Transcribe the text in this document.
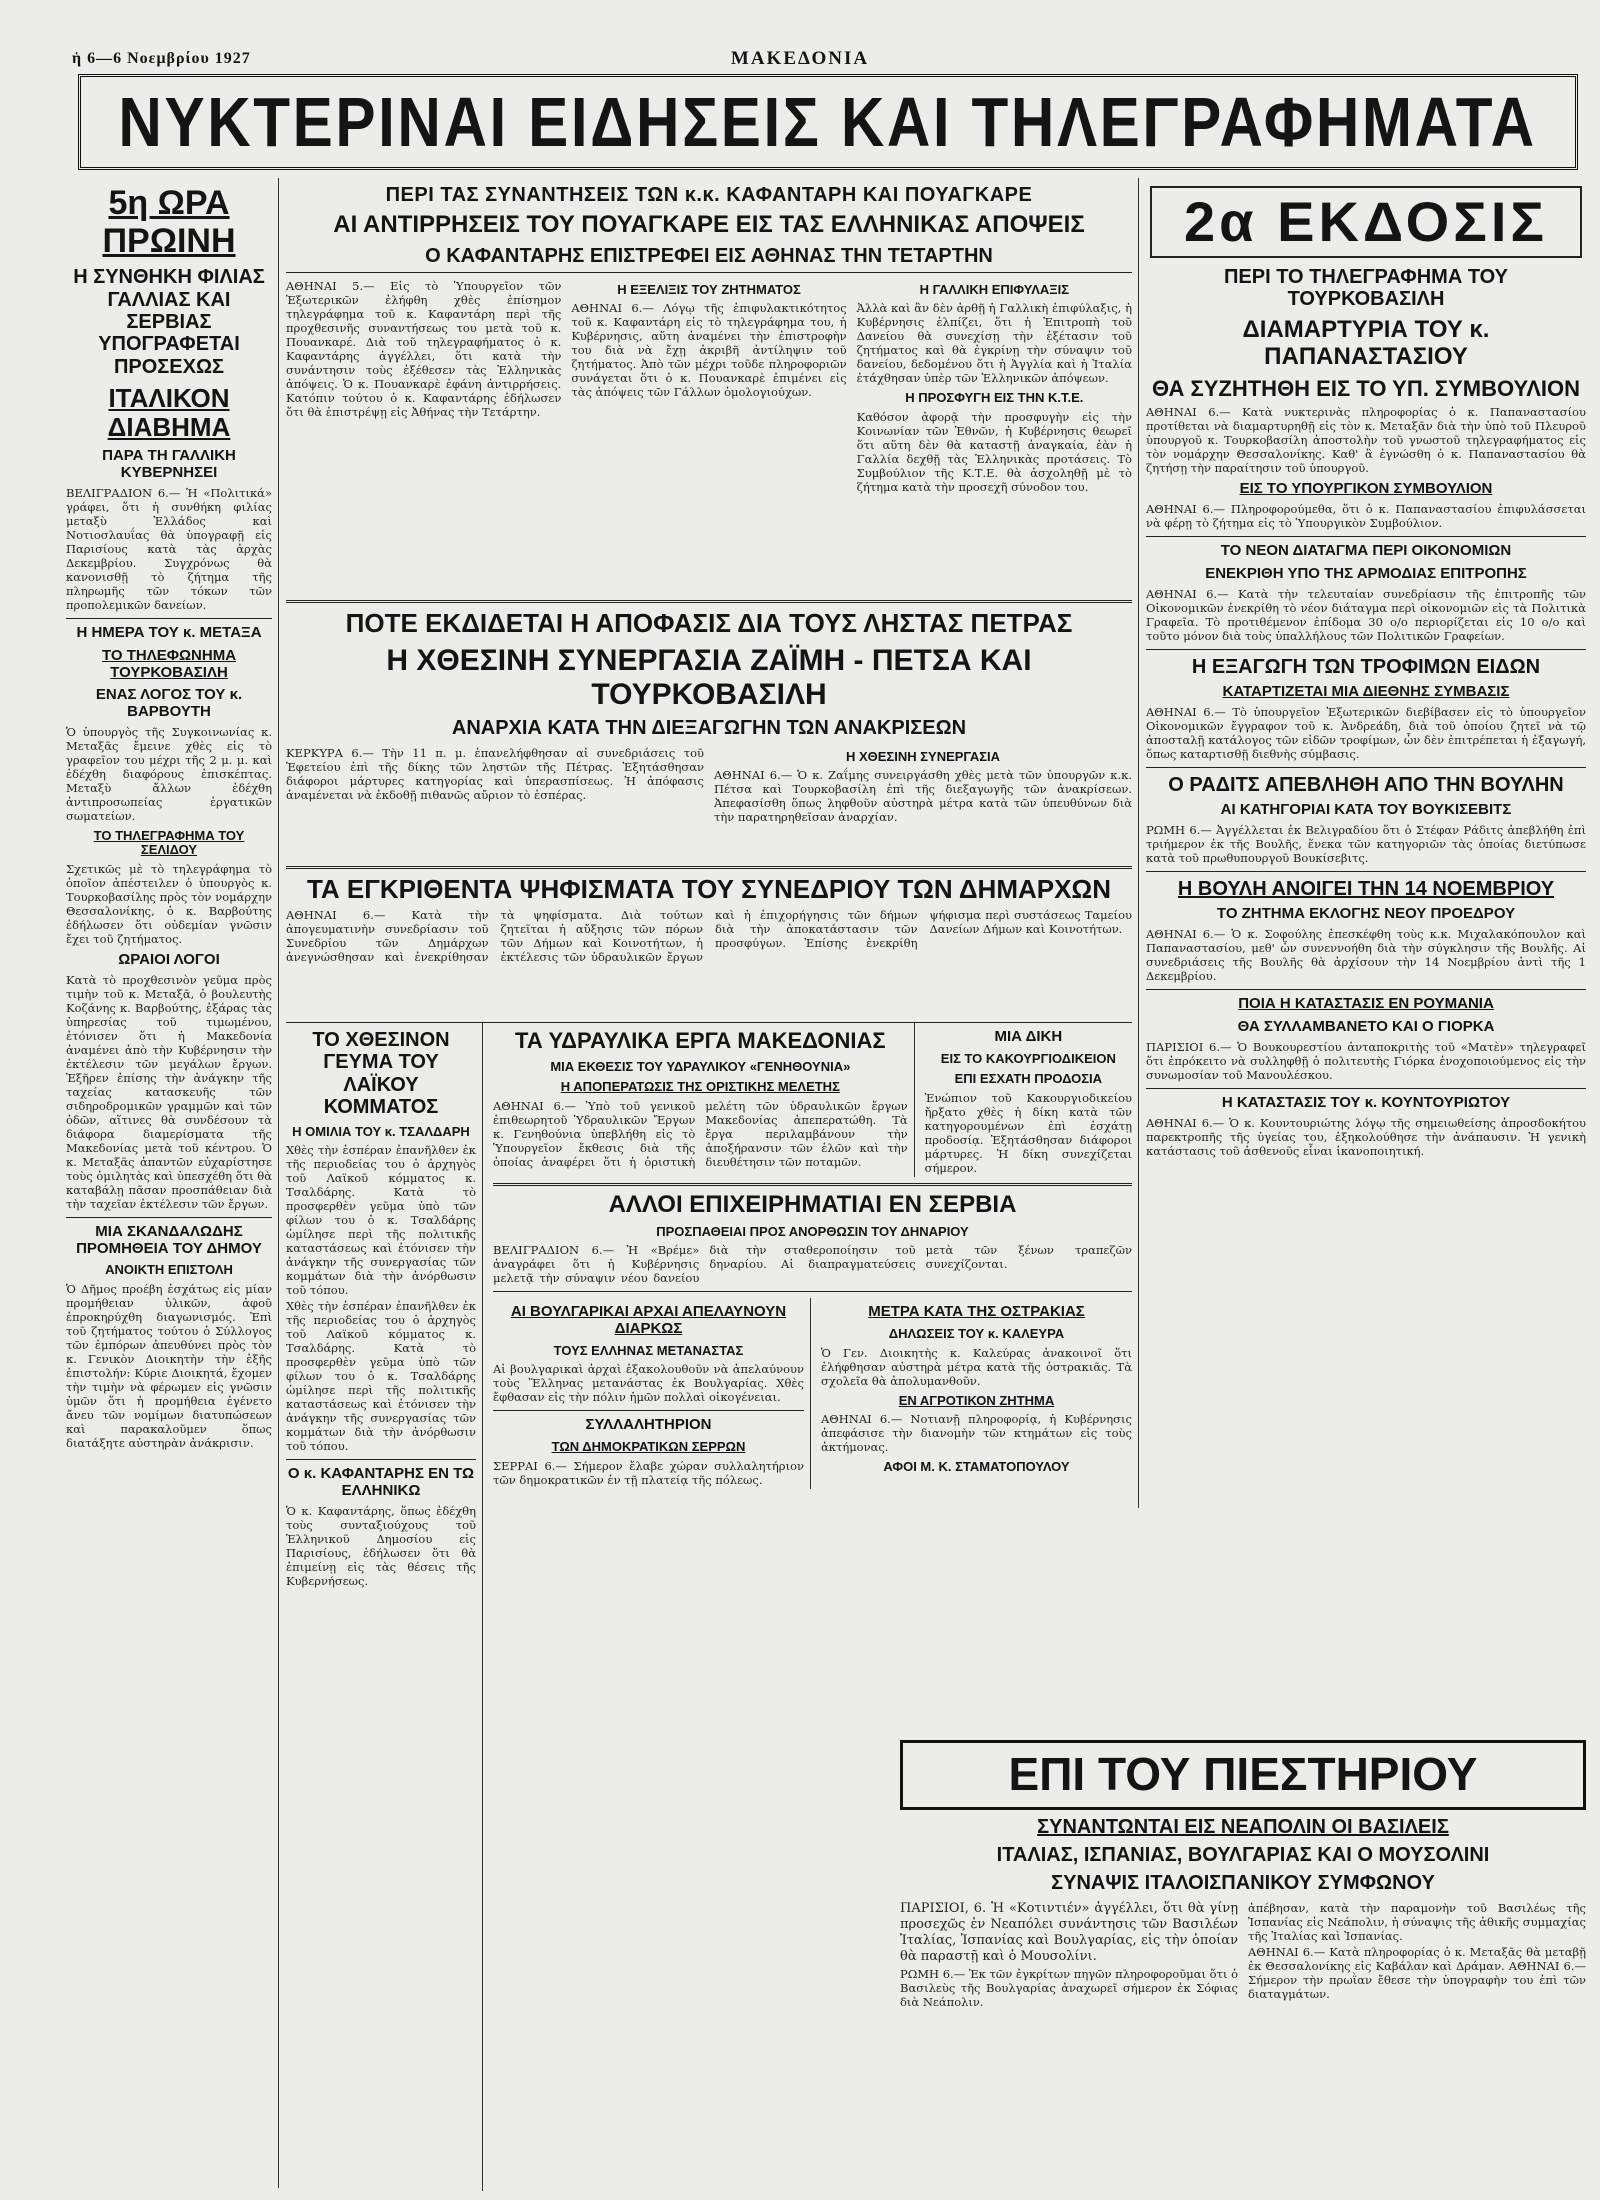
ἡ 6—6 Νοεμβρίου 1927	ΜΑΚΕΔΟΝΙΑ
ΝΥΚΤΕΡΙΝΑΙ ΕΙΔΗΣΕΙΣ ΚΑΙ ΤΗΛΕΓΡΑΦΗΜΑΤΑ
5η ΩΡΑ ΠΡΩΙΝΗ
Η ΣΥΝΘΗΚΗ ΦΙΛΙΑΣ ΓΑΛΛΙΑΣ ΚΑΙ ΣΕΡΒΙΑΣ ΥΠΟΓΡΑΦΕΤΑΙ ΠΡΟΣΕΧΩΣ
ΙΤΑΛΙΚΟΝ ΔΙΑΒΗΜΑ
ΠΑΡΑ ΤΗ ΓΑΛΛΙΚΗ ΚΥΒΕΡΝΗΣΕΙ
ΒΕΛΙΓΡΑΔΙΟΝ 6.— Ἡ «Πολιτικά» γράφει, ὅτι ἡ συνθήκη φιλίας μεταξὺ Ἑλλάδος καὶ Νοτιοσλαυΐας θὰ ὑπογραφῇ εἰς Παρισίους κατὰ τὰς ἀρχὰς Δεκεμβρίου. Συγχρόνως θὰ κανονισθῇ τὸ ζήτημα τῆς πληρωμῆς τῶν τόκων τῶν προπολεμικῶν δανείων.
Η ΗΜΕΡΑ ΤΟΥ κ. ΜΕΤΑΞΑ
ΤΟ ΤΗΛΕΦΩΝΗΜΑ ΤΟΥΡΚΟΒΑΣΙΛΗ
ΕΝΑΣ ΛΟΓΟΣ ΤΟΥ κ. ΒΑΡΒΟΥΤΗ
Ὁ ὑπουργὸς τῆς Συγκοινωνίας κ. Μεταξᾶς ἔμεινε χθὲς εἰς τὸ γραφεῖον του μέχρι τῆς 2 μ. μ. καὶ ἐδέχθη διαφόρους ἐπισκέπτας. Μεταξὺ ἄλλων ἐδέχθη ἀντιπροσωπείας ἐργατικῶν σωματείων.
ΤΟ ΤΗΛΕΓΡΑΦΗΜΑ ΤΟΥ ΣΕΛΙΔΟΥ
Σχετικῶς μὲ τὸ τηλεγράφημα τὸ ὁποῖον ἀπέστειλεν ὁ ὑπουργὸς κ. Τουρκοβασίλης πρὸς τὸν νομάρχην Θεσσαλονίκης, ὁ κ. Βαρβούτης ἐδήλωσεν ὅτι οὐδεμίαν γνῶσιν ἔχει τοῦ ζητήματος.
ΩΡΑΙΟΙ ΛΟΓΟΙ
Κατὰ τὸ προχθεσινὸν γεῦμα πρὸς τιμὴν τοῦ κ. Μεταξᾶ, ὁ βουλευτὴς Κοζάνης κ. Βαρβούτης, ἐξάρας τὰς ὑπηρεσίας τοῦ τιμωμένου, ἐτόνισεν ὅτι ἡ Μακεδονία ἀναμένει ἀπὸ τὴν Κυβέρνησιν τὴν ἐκτέλεσιν τῶν μεγάλων ἔργων. Ἐξῆρεν ἐπίσης τὴν ἀνάγκην τῆς ταχείας κατασκευῆς τῶν σιδηροδρομικῶν γραμμῶν καὶ τῶν ὁδῶν, αἵτινες θὰ συνδέσουν τὰ διάφορα διαμερίσματα τῆς Μακεδονίας μετὰ τοῦ κέντρου. Ὁ κ. Μεταξᾶς ἀπαντῶν εὐχαρίστησε τοὺς ὁμιλητὰς καὶ ὑπεσχέθη ὅτι θὰ καταβάλῃ πᾶσαν προσπάθειαν διὰ τὴν ταχεῖαν ἐκτέλεσιν τῶν ἔργων.
ΜΙΑ ΣΚΑΝΔΑΛΩΔΗΣ ΠΡΟΜΗΘΕΙΑ ΤΟΥ ΔΗΜΟΥ
ΑΝΟΙΚΤΗ ΕΠΙΣΤΟΛΗ
Ὁ Δῆμος προέβη ἐσχάτως εἰς μίαν προμήθειαν ὑλικῶν, ἀφοῦ ἐπροκηρύχθη διαγωνισμός. Ἐπὶ τοῦ ζητήματος τούτου ὁ Σύλλογος τῶν ἐμπόρων ἀπευθύνει πρὸς τὸν κ. Γενικὸν Διοικητὴν τὴν ἑξῆς ἐπιστολήν: Κύριε Διοικητά, ἔχομεν τὴν τιμὴν νὰ φέρωμεν εἰς γνῶσιν ὑμῶν ὅτι ἡ προμήθεια ἐγένετο ἄνευ τῶν νομίμων διατυπώσεων καὶ παρακαλοῦμεν ὅπως διατάξητε αὐστηρὰν ἀνάκρισιν.
ΠΕΡΙ ΤΑΣ ΣΥΝΑΝΤΗΣΕΙΣ ΤΩΝ κ.κ. ΚΑΦΑΝΤΑΡΗ ΚΑΙ ΠΟΥΑΓΚΑΡΕ
ΑΙ ΑΝΤΙΡΡΗΣΕΙΣ ΤΟΥ ΠΟΥΑΓΚΑΡΕ ΕΙΣ ΤΑΣ ΕΛΛΗΝΙΚΑΣ ΑΠΟΨΕΙΣ
Ο ΚΑΦΑΝΤΑΡΗΣ ΕΠΙΣΤΡΕΦΕΙ ΕΙΣ ΑΘΗΝΑΣ ΤΗΝ ΤΕΤΑΡΤΗΝ
ΑΘΗΝΑΙ 5.— Εἰς τὸ Ὑπουργεῖον τῶν Ἐξωτερικῶν ἐλήφθη χθὲς ἐπίσημον τηλεγράφημα τοῦ κ. Καφαντάρη περὶ τῆς προχθεσινῆς συναντήσεως του μετὰ τοῦ κ. Πουανκαρέ. Διὰ τοῦ τηλεγραφήματος ὁ κ. Καφαντάρης ἀγγέλλει, ὅτι κατὰ τὴν συνάντησιν τοὺς ἐξέθεσεν τὰς Ἑλληνικὰς ἀπόψεις. Ὁ κ. Πουανκαρὲ ἐφάνη ἀντιρρήσεις. Κατόπιν τούτου ὁ κ. Καφαντάρης ἐδήλωσεν ὅτι θὰ ἐπιστρέψῃ εἰς Ἀθήνας τὴν Τετάρτην.
Η ΕΞΕΛΙΞΙΣ ΤΟΥ ΖΗΤΗΜΑΤΟΣ
ΑΘΗΝΑΙ 6.— Λόγῳ τῆς ἐπιφυλακτικότητος τοῦ κ. Καφαντάρη εἰς τὸ τηλεγράφημα του, ἡ Κυβέρνησις, αὕτη ἀναμένει τὴν ἐπιστροφὴν του διὰ νὰ ἔχῃ ἀκριβῆ ἀντίληψιν τοῦ ζητήματος. Ἀπὸ τῶν μέχρι τοῦδε πληροφοριῶν συνάγεται ὅτι ὁ κ. Πουανκαρὲ ἐπιμένει εἰς τὰς ἀπόψεις τῶν Γάλλων ὁμολογιούχων.
Η ΓΑΛΛΙΚΗ ΕΠΙΦΥΛΑΞΙΣ
Ἀλλὰ καὶ ἂν δὲν ἀρθῇ ἡ Γαλλικὴ ἐπιφύλαξις, ἡ Κυβέρνησις ἐλπίζει, ὅτι ἡ Ἐπιτροπὴ τοῦ Δανείου θὰ συνεχίσῃ τὴν ἐξέτασιν τοῦ ζητήματος καὶ θὰ ἐγκρίνῃ τὴν σύναψιν τοῦ δανείου, δεδομένου ὅτι ἡ Ἀγγλία καὶ ἡ Ἰταλία ἐτάχθησαν ὑπὲρ τῶν Ἑλληνικῶν ἀπόψεων.
Η ΠΡΟΣΦΥΓΗ ΕΙΣ ΤΗΝ Κ.Τ.Ε.
Καθόσον ἀφορᾷ τὴν προσφυγὴν εἰς τὴν Κοινωνίαν τῶν Ἐθνῶν, ἡ Κυβέρνησις θεωρεῖ ὅτι αὕτη δὲν θὰ καταστῇ ἀναγκαία, ἐὰν ἡ Γαλλία δεχθῇ τὰς Ἑλληνικὰς προτάσεις. Τὸ Συμβούλιον τῆς Κ.Τ.Ε. θὰ ἀσχοληθῇ μὲ τὸ ζήτημα κατὰ τὴν προσεχῆ σύνοδον του.
ΠΟΤΕ ΕΚΔΙΔΕΤΑΙ Η ΑΠΟΦΑΣΙΣ ΔΙΑ ΤΟΥΣ ΛΗΣΤΑΣ ΠΕΤΡΑΣ
Η ΧΘΕΣΙΝΗ ΣΥΝΕΡΓΑΣΙΑ ΖΑΪΜΗ - ΠΕΤΣΑ ΚΑΙ ΤΟΥΡΚΟΒΑΣΙΛΗ
ΑΝΑΡΧΙΑ ΚΑΤΑ ΤΗΝ ΔΙΕΞΑΓΩΓΗΝ ΤΩΝ ΑΝΑΚΡΙΣΕΩΝ
ΚΕΡΚΥΡΑ 6.— Τὴν 11 π. μ. ἐπανελήφθησαν αἱ συνεδριάσεις τοῦ Ἐφετείου ἐπὶ τῆς δίκης τῶν ληστῶν τῆς Πέτρας. Ἐξητάσθησαν διάφοροι μάρτυρες κατηγορίας καὶ ὑπερασπίσεως. Ἡ ἀπόφασις ἀναμένεται νὰ ἐκδοθῇ πιθανῶς αὔριον τὸ ἑσπέρας.
Η ΧΘΕΣΙΝΗ ΣΥΝΕΡΓΑΣΙΑ
ΑΘΗΝΑΙ 6.— Ὁ κ. Ζαΐμης συνειργάσθη χθὲς μετὰ τῶν ὑπουργῶν κ.κ. Πέτσα καὶ Τουρκοβασίλη ἐπὶ τῆς διεξαγωγῆς τῶν ἀνακρίσεων. Ἀπεφασίσθη ὅπως ληφθοῦν αὐστηρὰ μέτρα κατὰ τῶν ὑπευθύνων διὰ τὴν παρατηρηθεῖσαν ἀναρχίαν.
ΤΑ ΕΓΚΡΙΘΕΝΤΑ ΨΗΦΙΣΜΑΤΑ ΤΟΥ ΣΥΝΕΔΡΙΟΥ ΤΩΝ ΔΗΜΑΡΧΩΝ
ΑΘΗΝΑΙ 6.— Κατὰ τὴν ἀπογευματινὴν συνεδρίασιν τοῦ Συνεδρίου τῶν Δημάρχων ἀνεγνώσθησαν καὶ ἐνεκρίθησαν τὰ ψηφίσματα. Διὰ τούτων ζητεῖται ἡ αὔξησις τῶν πόρων τῶν Δήμων καὶ Κοινοτήτων, ἡ ἐκτέλεσις τῶν ὑδραυλικῶν ἔργων καὶ ἡ ἐπιχορήγησις τῶν δήμων διὰ τὴν ἀποκατάστασιν τῶν προσφύγων. Ἐπίσης ἐνεκρίθη ψήφισμα περὶ συστάσεως Ταμείου Δανείων Δήμων καὶ Κοινοτήτων.
ΤΟ ΧΘΕΣΙΝΟΝ ΓΕΥΜΑ ΤΟΥ ΛΑΪΚΟΥ ΚΟΜΜΑΤΟΣ
Η ΟΜΙΛΙΑ ΤΟΥ κ. ΤΣΑΛΔΑΡΗ
Χθὲς τὴν ἑσπέραν ἐπανῆλθεν ἐκ τῆς περιοδείας του ὁ ἀρχηγὸς τοῦ Λαϊκοῦ κόμματος κ. Τσαλδάρης. Κατὰ τὸ προσφερθὲν γεῦμα ὑπὸ τῶν φίλων του ὁ κ. Τσαλδάρης ὡμίλησε περὶ τῆς πολιτικῆς καταστάσεως καὶ ἐτόνισεν τὴν ἀνάγκην τῆς συνεργασίας τῶν κομμάτων διὰ τὴν ἀνόρθωσιν τοῦ τόπου.
Χθὲς τὴν ἑσπέραν ἐπανῆλθεν ἐκ τῆς περιοδείας του ὁ ἀρχηγὸς τοῦ Λαϊκοῦ κόμματος κ. Τσαλδάρης. Κατὰ τὸ προσφερθὲν γεῦμα ὑπὸ τῶν φίλων του ὁ κ. Τσαλδάρης ὡμίλησε περὶ τῆς πολιτικῆς καταστάσεως καὶ ἐτόνισεν τὴν ἀνάγκην τῆς συνεργασίας τῶν κομμάτων διὰ τὴν ἀνόρθωσιν τοῦ τόπου.
Ο κ. ΚΑΦΑΝΤΑΡΗΣ ΕΝ ΤΩ ΕΛΛΗΝΙΚΩ
Ὁ κ. Καφαντάρης, ὅπως ἐδέχθη τοὺς συνταξιούχους τοῦ Ἑλληνικοῦ Δημοσίου εἰς Παρισίους, ἐδήλωσεν ὅτι θὰ ἐπιμείνῃ εἰς τὰς θέσεις τῆς Κυβερνήσεως.
ΤΑ ΥΔΡΑΥΛΙΚΑ ΕΡΓΑ ΜΑΚΕΔΟΝΙΑΣ
ΜΙΑ ΕΚΘΕΣΙΣ ΤΟΥ ΥΔΡΑΥΛΙΚΟΥ «ΓΕΝΗΘΟΥΝΙΑ»
Η ΑΠΟΠΕΡΑΤΩΣΙΣ ΤΗΣ ΟΡΙΣΤΙΚΗΣ ΜΕΛΕΤΗΣ
ΑΘΗΝΑΙ 6.— Ὑπὸ τοῦ γενικοῦ ἐπιθεωρητοῦ Ὑδραυλικῶν Ἔργων κ. Γενηθούνια ὑπεβλήθη εἰς τὸ Ὑπουργεῖον ἔκθεσις διὰ τῆς ὁποίας ἀναφέρει ὅτι ἡ ὁριστικὴ μελέτη τῶν ὑδραυλικῶν ἔργων Μακεδονίας ἀπεπερατώθη. Τὰ ἔργα περιλαμβάνουν τὴν ἀποξήρανσιν τῶν ἑλῶν καὶ τὴν διευθέτησιν τῶν ποταμῶν.
ΜΙΑ ΔΙΚΗ
ΕΙΣ ΤΟ ΚΑΚΟΥΡΓΙΟΔΙΚΕΙΟΝ
ΕΠΙ ΕΣΧΑΤΗ ΠΡΟΔΟΣΙΑ
Ἐνώπιον τοῦ Κακουργιοδικείου ἤρξατο χθὲς ἡ δίκη κατὰ τῶν κατηγορουμένων ἐπὶ ἐσχάτῃ προδοσίᾳ. Ἐξητάσθησαν διάφοροι μάρτυρες. Ἡ δίκη συνεχίζεται σήμερον.
ΑΛΛΟΙ ΕΠΙΧΕΙΡΗΜΑΤΙΑΙ ΕΝ ΣΕΡΒΙΑ
ΠΡΟΣΠΑΘΕΙΑΙ ΠΡΟΣ ΑΝΟΡΘΩΣΙΝ ΤΟΥ ΔΗΝΑΡΙΟΥ
ΒΕΛΙΓΡΑΔΙΟΝ 6.— Ἡ «Βρέμε» ἀναγράφει ὅτι ἡ Κυβέρνησις μελετᾷ τὴν σύναψιν νέου δανείου διὰ τὴν σταθεροποίησιν τοῦ δηναρίου. Αἱ διαπραγματεύσεις μετὰ τῶν ξένων τραπεζῶν συνεχίζονται.
ΑΙ ΒΟΥΛΓΑΡΙΚΑΙ ΑΡΧΑΙ ΑΠΕΛΑΥΝΟΥΝ ΔΙΑΡΚΩΣ
ΤΟΥΣ ΕΛΛΗΝΑΣ ΜΕΤΑΝΑΣΤΑΣ
Αἱ βουλγαρικαὶ ἀρχαὶ ἐξακολουθοῦν νὰ ἀπελαύνουν τοὺς Ἕλληνας μετανάστας ἐκ Βουλγαρίας. Χθὲς ἔφθασαν εἰς τὴν πόλιν ἡμῶν πολλαὶ οἰκογένειαι.
ΣΥΛΛΑΛΗΤΗΡΙΟΝ
ΤΩΝ ΔΗΜΟΚΡΑΤΙΚΩΝ ΣΕΡΡΩΝ
ΣΕΡΡΑΙ 6.— Σήμερον ἔλαβε χώραν συλλαλητήριον τῶν δημοκρατικῶν ἐν τῇ πλατείᾳ τῆς πόλεως.
ΜΕΤΡΑ ΚΑΤΑ ΤΗΣ ΟΣΤΡΑΚΙΑΣ
ΔΗΛΩΣΕΙΣ ΤΟΥ κ. ΚΑΛΕΥΡΑ
Ὁ Γεν. Διοικητὴς κ. Καλεύρας ἀνακοινοῖ ὅτι ἐλήφθησαν αὐστηρὰ μέτρα κατὰ τῆς ὀστρακιᾶς. Τὰ σχολεῖα θὰ ἀπολυμανθοῦν.
ΕΝ ΑΓΡΟΤΙΚΟΝ ΖΗΤΗΜΑ
ΑΘΗΝΑΙ 6.— Νοτιανῇ πληροφορίᾳ, ἡ Κυβέρνησις ἀπεφάσισε τὴν διανομὴν τῶν κτημάτων εἰς τοὺς ἀκτήμονας.
ΑΦΟΙ Μ. Κ. ΣΤΑΜΑΤΟΠΟΥΛΟΥ
2α ΕΚΔΟΣΙΣ
ΠΕΡΙ ΤΟ ΤΗΛΕΓΡΑΦΗΜΑ ΤΟΥ ΤΟΥΡΚΟΒΑΣΙΛΗ
ΔΙΑΜΑΡΤΥΡΙΑ ΤΟΥ κ. ΠΑΠΑΝΑΣΤΑΣΙΟΥ
ΘΑ ΣΥΖΗΤΗΘΗ ΕΙΣ ΤΟ ΥΠ. ΣΥΜΒΟΥΛΙΟΝ
ΑΘΗΝΑΙ 6.— Κατὰ νυκτερινὰς πληροφορίας ὁ κ. Παπαναστασίου προτίθεται νὰ διαμαρτυρηθῇ εἰς τὸν κ. Μεταξᾶν διὰ τὴν ὑπὸ τοῦ Πλευροῦ ὑπουργοῦ κ. Τουρκοβασίλη ἀποστολὴν τοῦ γνωστοῦ τηλεγραφήματος εἰς τὸν νομάρχην Θεσσαλονίκης. Καθ' ἃ ἐγνώσθη ὁ κ. Παπαναστασίου θὰ ζητήσῃ τὴν παραίτησιν τοῦ ὑπουργοῦ.
ΕΙΣ ΤΟ ΥΠΟΥΡΓΙΚΟΝ ΣΥΜΒΟΥΛΙΟΝ
ΑΘΗΝΑΙ 6.— Πληροφορούμεθα, ὅτι ὁ κ. Παπαναστασίου ἐπιφυλάσσεται νὰ φέρῃ τὸ ζήτημα εἰς τὸ Ὑπουργικὸν Συμβούλιον.
ΤΟ ΝΕΟΝ ΔΙΑΤΑΓΜΑ ΠΕΡΙ ΟΙΚΟΝΟΜΙΩΝ
ΕΝΕΚΡΙΘΗ ΥΠΟ ΤΗΣ ΑΡΜΟΔΙΑΣ ΕΠΙΤΡΟΠΗΣ
ΑΘΗΝΑΙ 6.— Κατὰ τὴν τελευταίαν συνεδρίασιν τῆς ἐπιτροπῆς τῶν Οἰκονομικῶν ἐνεκρίθη τὸ νέον διάταγμα περὶ οἰκονομιῶν εἰς τὰ Πολιτικὰ Γραφεῖα. Τὸ προτιθέμενον ἐπίδομα 30 ο/ο περιορίζεται εἰς 10 ο/ο καὶ τοῦτο μόνον διὰ τοὺς ὑπαλλήλους τῶν Πολιτικῶν Γραφείων.
Η ΕΞΑΓΩΓΗ ΤΩΝ ΤΡΟΦΙΜΩΝ ΕΙΔΩΝ
ΚΑΤΑΡΤΙΖΕΤΑΙ ΜΙΑ ΔΙΕΘΝΗΣ ΣΥΜΒΑΣΙΣ
ΑΘΗΝΑΙ 6.— Τὸ ὑπουργεῖον Ἐξωτερικῶν διεβίβασεν εἰς τὸ ὑπουργεῖον Οἰκονομικῶν ἔγγραφον τοῦ κ. Ἀνδρεάδη, διὰ τοῦ ὁποίου ζητεῖ νὰ τῷ ἀποσταλῇ κατάλογος τῶν εἰδῶν τροφίμων, ὧν δὲν ἐπιτρέπεται ἡ ἐξαγωγή, ὅπως καταρτισθῇ διεθνὴς σύμβασις.
Ο ΡΑΔΙΤΣ ΑΠΕΒΛΗΘΗ ΑΠΟ ΤΗΝ ΒΟΥΛΗΝ
ΑΙ ΚΑΤΗΓΟΡΙΑΙ ΚΑΤΑ ΤΟΥ ΒΟΥΚΙΣΕΒΙΤΣ
ΡΩΜΗ 6.— Ἀγγέλλεται ἐκ Βελιγραδίου ὅτι ὁ Στέφαν Ράδιτς ἀπεβλήθη ἐπὶ τριήμερον ἐκ τῆς Βουλῆς, ἕνεκα τῶν κατηγοριῶν τὰς ὁποίας διετύπωσε κατὰ τοῦ πρωθυπουργοῦ Βουκίσεβιτς.
Η ΒΟΥΛΗ ΑΝΟΙΓΕΙ ΤΗΝ 14 ΝΟΕΜΒΡΙΟΥ
ΤΟ ΖΗΤΗΜΑ ΕΚΛΟΓΗΣ ΝΕΟΥ ΠΡΟΕΔΡΟΥ
ΑΘΗΝΑΙ 6.— Ὁ κ. Σοφούλης ἐπεσκέφθη τοὺς κ.κ. Μιχαλακόπουλον καὶ Παπαναστασίου, μεθ' ὧν συνεννοήθη διὰ τὴν σύγκλησιν τῆς Βουλῆς. Αἱ συνεδριάσεις τῆς Βουλῆς θὰ ἀρχίσουν τὴν 14 Νοεμβρίου ἀντὶ τῆς 1 Δεκεμβρίου.
ΠΟΙΑ Η ΚΑΤΑΣΤΑΣΙΣ ΕΝ ΡΟΥΜΑΝΙΑ
ΘΑ ΣΥΛΛΑΜΒΑΝΕΤΟ ΚΑΙ Ο ΓΙΟΡΚΑ
ΠΑΡΙΣΙΟΙ 6.— Ὁ Βουκουρεστίου ἀνταποκριτὴς τοῦ «Ματὲν» τηλεγραφεῖ ὅτι ἐπρόκειτο νὰ συλληφθῇ ὁ πολιτευτὴς Γιόρκα ἐνοχοποιούμενος εἰς τὴν συνωμοσίαν τοῦ Μανουλέσκου.
Η ΚΑΤΑΣΤΑΣΙΣ ΤΟΥ κ. ΚΟΥΝΤΟΥΡΙΩΤΟΥ
ΑΘΗΝΑΙ 6.— Ὁ κ. Κουντουριώτης λόγῳ τῆς σημειωθείσης ἀπροσδοκήτου παρεκτροπῆς τῆς ὑγείας του, ἐξηκολούθησε τὴν ἀνάπαυσιν. Ἡ γενικὴ κατάστασις τοῦ ἀσθενοῦς εἶναι ἱκανοποιητική.
ΕΠΙ ΤΟΥ ΠΙΕΣΤΗΡΙΟΥ
ΣΥΝΑΝΤΩΝΤΑΙ ΕΙΣ ΝΕΑΠΟΛΙΝ ΟΙ ΒΑΣΙΛΕΙΣ
ΙΤΑΛΙΑΣ, ΙΣΠΑΝΙΑΣ, ΒΟΥΛΓΑΡΙΑΣ ΚΑΙ Ο ΜΟΥΣΟΛΙΝΙ
ΣΥΝΑΨΙΣ ΙΤΑΛΟΙΣΠΑΝΙΚΟΥ ΣΥΜΦΩΝΟΥ
ΠΑΡΙΣΙΟΙ, 6. Ἡ «Κοτιντιέν» ἀγγέλλει, ὅτι θὰ γίνῃ προσεχῶς ἐν Νεαπόλει συνάντησις τῶν Βασιλέων Ἰταλίας, Ἰσπανίας καὶ Βουλγαρίας, εἰς τὴν ὁποίαν θὰ παραστῇ καὶ ὁ Μουσολίνι.
ΡΩΜΗ 6.— Ἐκ τῶν ἐγκρίτων πηγῶν πληροφοροῦμαι ὅτι ὁ Βασιλεὺς τῆς Βουλγαρίας ἀναχωρεῖ σήμερον ἐκ Σόφιας διὰ Νεάπολιν.
ἀπέβησαν, κατὰ τὴν παραμονὴν τοῦ Βασιλέως τῆς Ἰσπανίας εἰς Νεάπολιν, ἡ σύναψις τῆς ἀθικῆς συμμαχίας τῆς Ἰταλίας καὶ Ἰσπανίας.
ΑΘΗΝΑΙ 6.— Κατὰ πληροφορίας ὁ κ. Μεταξᾶς θὰ μεταβῇ ἐκ Θεσσαλονίκης εἰς Καβάλαν καὶ Δράμαν. ΑΘΗΝΑΙ 6.— Σήμερον τὴν πρωῒαν ἔθεσε τὴν ὑπογραφὴν του ἐπὶ τῶν διαταγμάτων.
